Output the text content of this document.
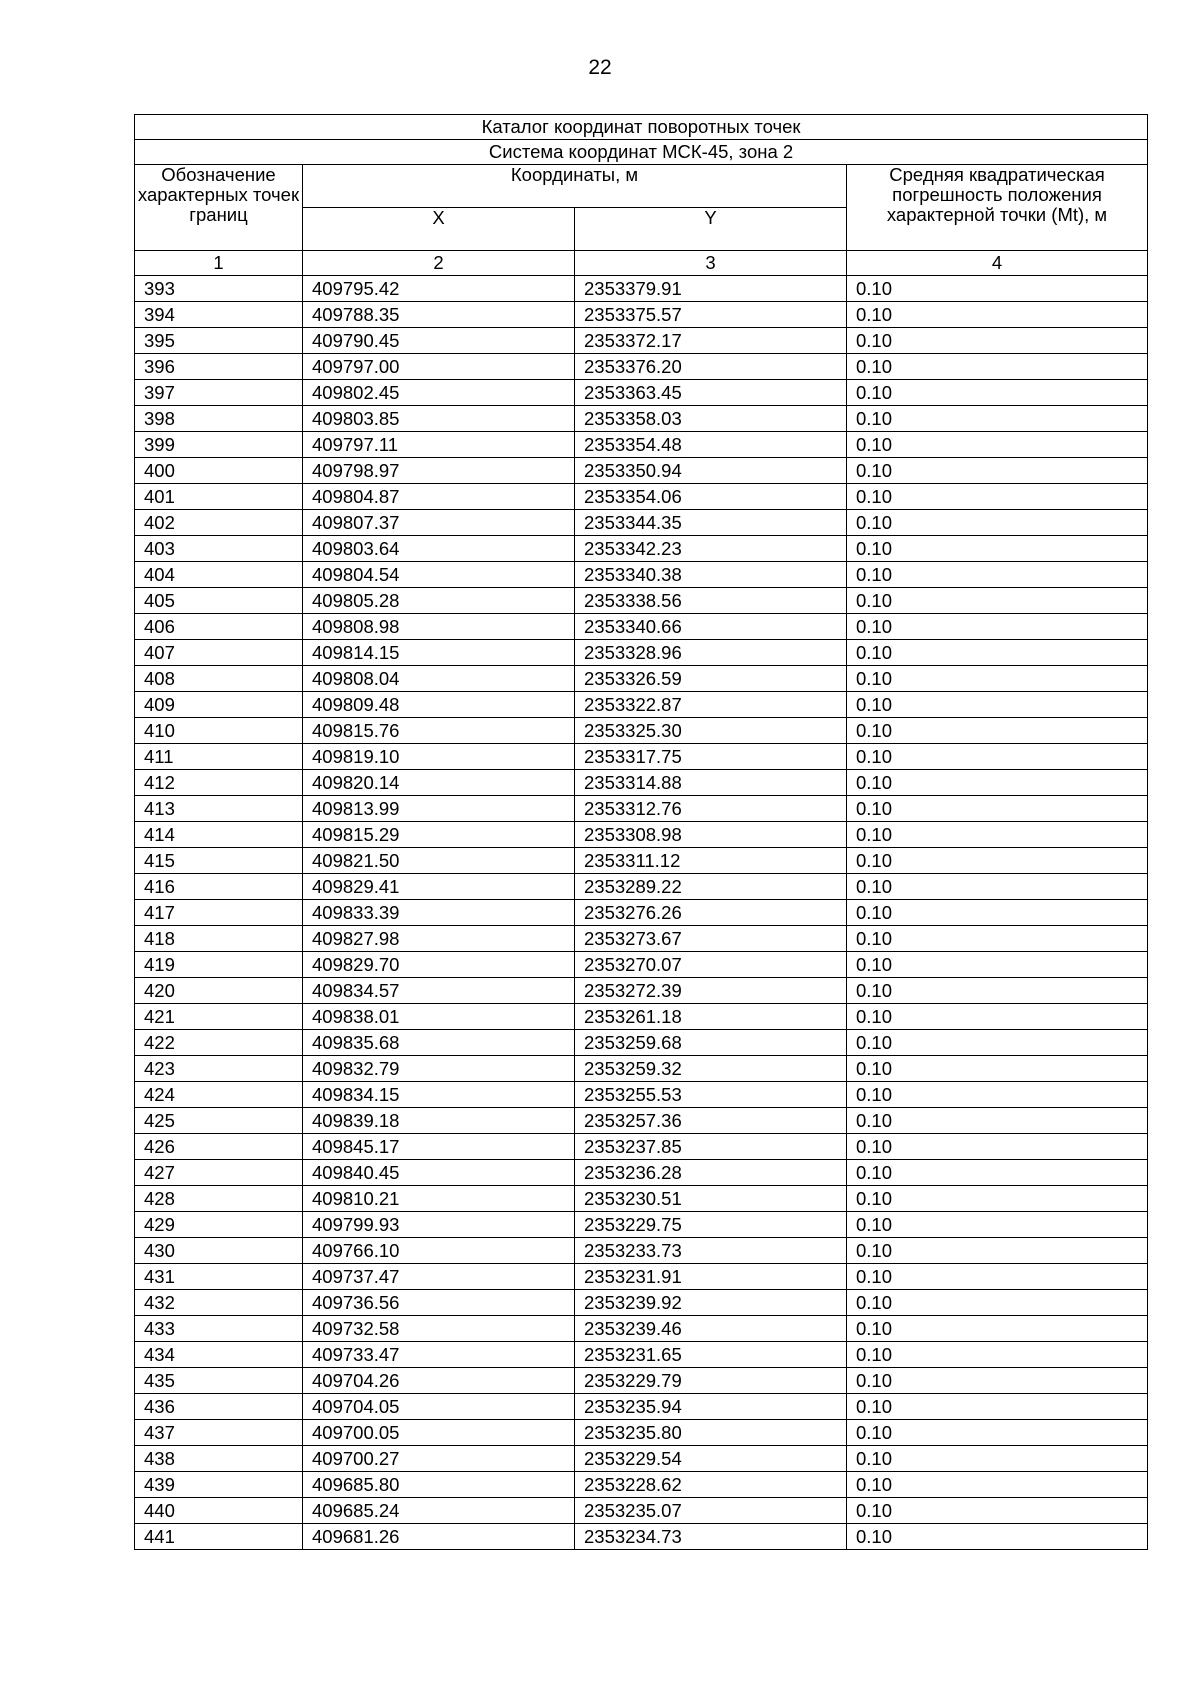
22
Каталог координат поворотных точек			
Система координат МСК-45, зона 2			
Обозначение характерных точек границ	Координаты, м		Средняя квадратическая погрешность положения характерной точки (Mt), м
	X	Y	
1	2	3	4
393	409795.42	2353379.91	0.10
394	409788.35	2353375.57	0.10
395	409790.45	2353372.17	0.10
396	409797.00	2353376.20	0.10
397	409802.45	2353363.45	0.10
398	409803.85	2353358.03	0.10
399	409797.11	2353354.48	0.10
400	409798.97	2353350.94	0.10
401	409804.87	2353354.06	0.10
402	409807.37	2353344.35	0.10
403	409803.64	2353342.23	0.10
404	409804.54	2353340.38	0.10
405	409805.28	2353338.56	0.10
406	409808.98	2353340.66	0.10
407	409814.15	2353328.96	0.10
408	409808.04	2353326.59	0.10
409	409809.48	2353322.87	0.10
410	409815.76	2353325.30	0.10
411	409819.10	2353317.75	0.10
412	409820.14	2353314.88	0.10
413	409813.99	2353312.76	0.10
414	409815.29	2353308.98	0.10
415	409821.50	2353311.12	0.10
416	409829.41	2353289.22	0.10
417	409833.39	2353276.26	0.10
418	409827.98	2353273.67	0.10
419	409829.70	2353270.07	0.10
420	409834.57	2353272.39	0.10
421	409838.01	2353261.18	0.10
422	409835.68	2353259.68	0.10
423	409832.79	2353259.32	0.10
424	409834.15	2353255.53	0.10
425	409839.18	2353257.36	0.10
426	409845.17	2353237.85	0.10
427	409840.45	2353236.28	0.10
428	409810.21	2353230.51	0.10
429	409799.93	2353229.75	0.10
430	409766.10	2353233.73	0.10
431	409737.47	2353231.91	0.10
432	409736.56	2353239.92	0.10
433	409732.58	2353239.46	0.10
434	409733.47	2353231.65	0.10
435	409704.26	2353229.79	0.10
436	409704.05	2353235.94	0.10
437	409700.05	2353235.80	0.10
438	409700.27	2353229.54	0.10
439	409685.80	2353228.62	0.10
440	409685.24	2353235.07	0.10
441	409681.26	2353234.73	0.10
